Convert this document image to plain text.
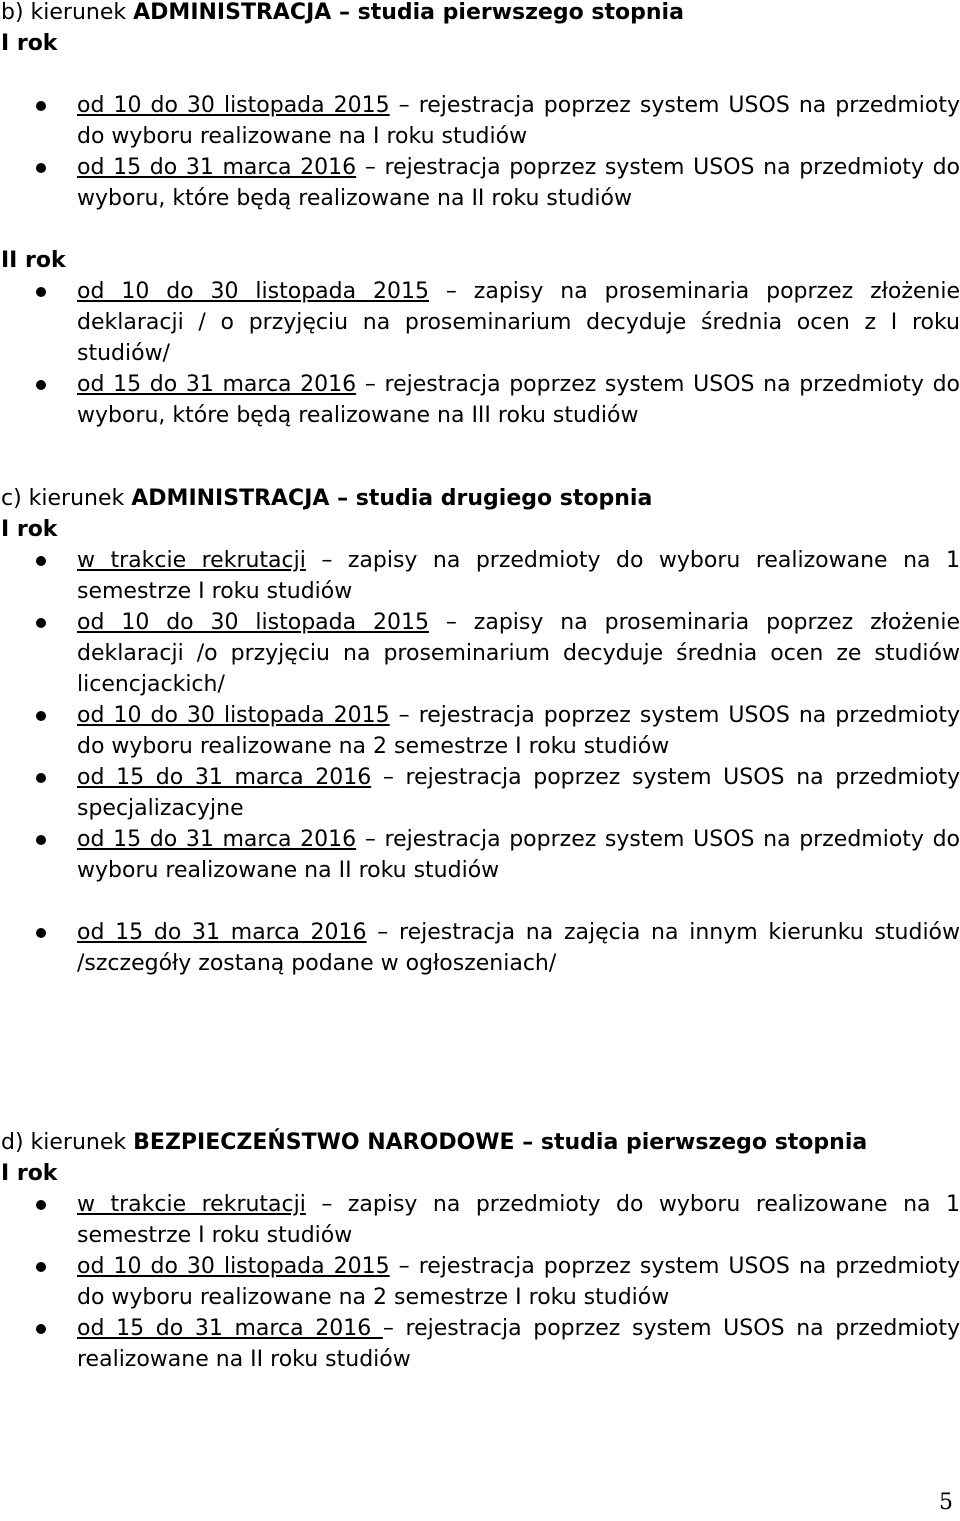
b) kierunek ADMINISTRACJA – studia pierwszego stopnia

I rok

od 10 do 30 listopada 2015 – rejestracja poprzez system USOS na przedmioty do wyboru realizowane na I roku studiów
od 15 do 31 marca 2016 – rejestracja poprzez system USOS na przedmioty do wyboru, które będą realizowane na II roku studiów

II rok

od 10 do 30 listopada 2015 – zapisy na proseminaria poprzez złożenie deklaracji / o przyjęciu na proseminarium decyduje średnia ocen z I roku studiów/
od 15 do 31 marca 2016 – rejestracja poprzez system USOS na przedmioty do wyboru, które będą realizowane na III roku studiów

c) kierunek ADMINISTRACJA – studia drugiego stopnia

I rok

w trakcie rekrutacji – zapisy na przedmioty do wyboru realizowane na 1 semestrze I roku studiów
od 10 do 30 listopada 2015 – zapisy na proseminaria poprzez złożenie deklaracji /o przyjęciu na proseminarium decyduje średnia ocen ze studiów licencjackich/
od 10 do 30 listopada 2015 – rejestracja poprzez system USOS na przedmioty do wyboru realizowane na 2 semestrze I roku studiów
od 15 do 31 marca 2016 – rejestracja poprzez system USOS na przedmioty specjalizacyjne
od 15 do 31 marca 2016 – rejestracja poprzez system USOS na przedmioty do wyboru realizowane na II roku studiów
od 15 do 31 marca 2016 – rejestracja na zajęcia na innym kierunku studiów /szczegóły zostaną podane w ogłoszeniach/

d) kierunek BEZPIECZEŃSTWO NARODOWE – studia pierwszego stopnia

I rok

w trakcie rekrutacji – zapisy na przedmioty do wyboru realizowane na 1 semestrze I roku studiów
od 10 do 30 listopada 2015 – rejestracja poprzez system USOS na przedmioty do wyboru realizowane na 2 semestrze I roku studiów
od 15 do 31 marca 2016 – rejestracja poprzez system USOS na przedmioty realizowane na II roku studiów
5
